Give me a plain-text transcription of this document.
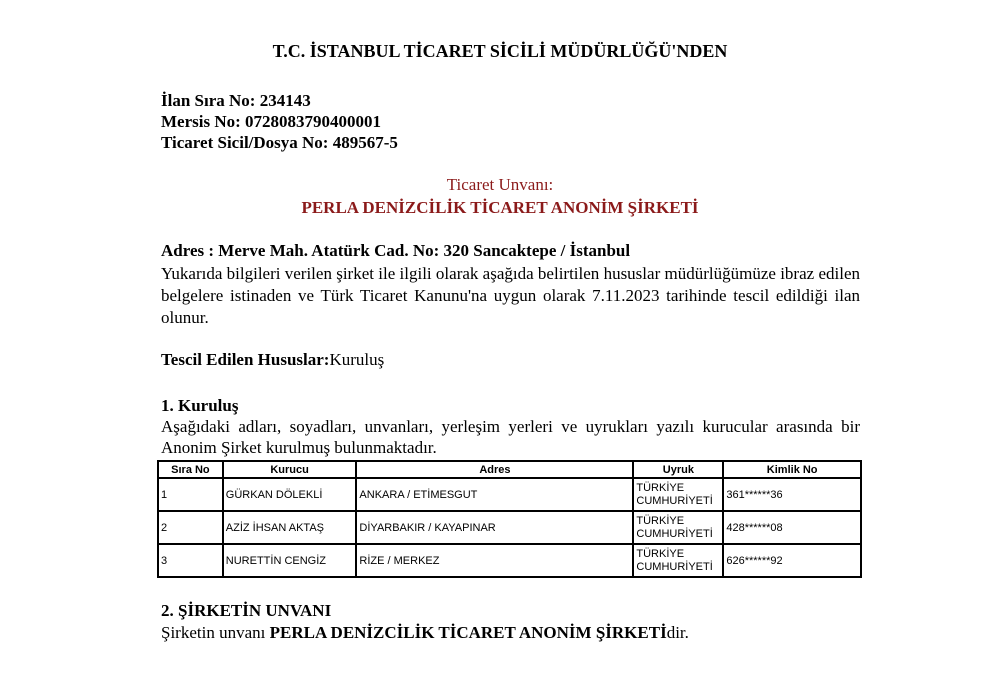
T.C. İSTANBUL TİCARET SİCİLİ MÜDÜRLÜĞÜ'NDEN
İlan Sıra No: 234143
Mersis No: 0728083790400001
Ticaret Sicil/Dosya No: 489567-5
Ticaret Unvanı:
PERLA DENİZCİLİK TİCARET ANONİM ŞİRKETİ
Adres : Merve Mah. Atatürk Cad. No: 320 Sancaktepe / İstanbul
Yukarıda bilgileri verilen şirket ile ilgili olarak aşağıda belirtilen hususlar müdürlüğümüze ibraz edilen belgelere istinaden ve Türk Ticaret Kanunu'na uygun olarak 7.11.2023 tarihinde tescil edildiği ilan olunur.
Tescil Edilen Hususlar:Kuruluş
1. Kuruluş
Aşağıdaki adları, soyadları, unvanları, yerleşim yerleri ve uyrukları yazılı kurucular arasında bir Anonim Şirket kurulmuş bulunmaktadır.
Sıra No	Kurucu	Adres	Uyruk	Kimlik No
1	GÜRKAN DÖLEKLİ	ANKARA / ETİMESGUT	TÜRKİYE CUMHURİYETİ	361******36
2	AZİZ İHSAN AKTAŞ	DİYARBAKIR / KAYAPINAR	TÜRKİYE CUMHURİYETİ	428******08
3	NURETTİN CENGİZ	RİZE / MERKEZ	TÜRKİYE CUMHURİYETİ	626******92
2. ŞİRKETİN UNVANI
Şirketin unvanı PERLA DENİZCİLİK TİCARET ANONİM ŞİRKETİdir.
